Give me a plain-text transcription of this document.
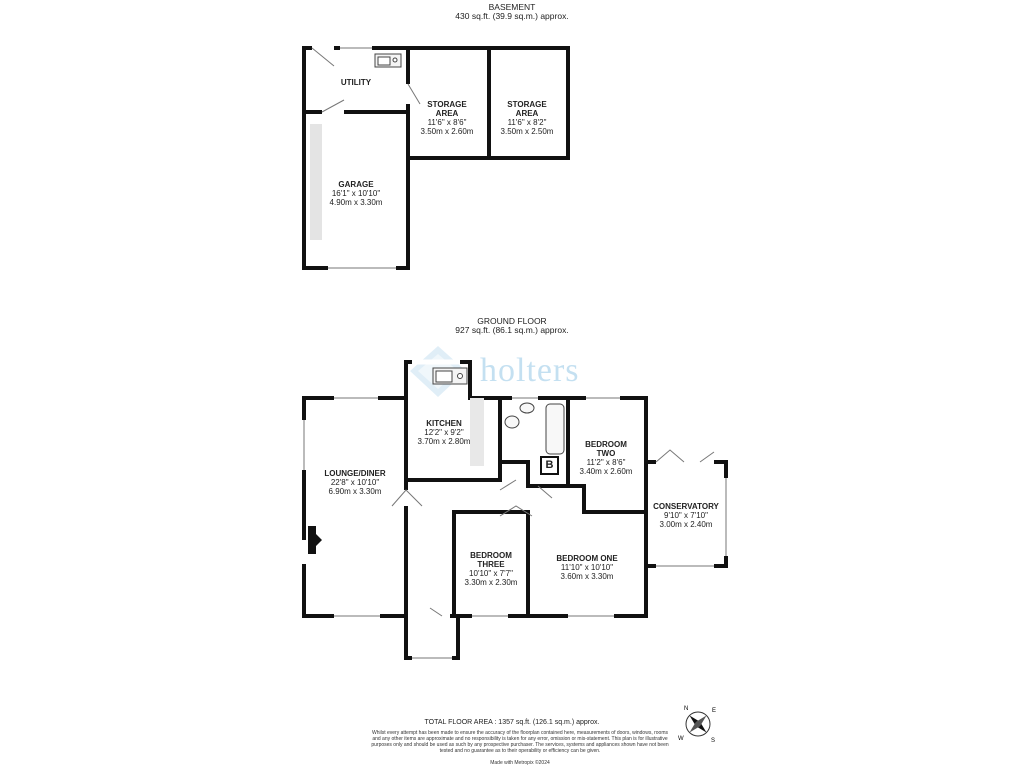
BASEMENT
430 sq.ft. (39.9 sq.m.) approx.
GROUND FLOOR
927 sq.ft. (86.1 sq.m.) approx.
holters
B
UTILITY
STORAGE
AREA
11'6" x 8'6"
3.50m x 2.60m
STORAGE
AREA
11'6" x 8'2"
3.50m x 2.50m
GARAGE
16'1" x 10'10"
4.90m x 3.30m
KITCHEN
12'2" x 9'2"
3.70m x 2.80m
LOUNGE/DINER
22'8" x 10'10"
6.90m x 3.30m
BEDROOM
TWO
11'2" x 8'6"
3.40m x 2.60m
CONSERVATORY
9'10" x 7'10"
3.00m x 2.40m
BEDROOM
THREE
10'10" x 7'7"
3.30m x 2.30m
BEDROOM ONE
11'10" x 10'10"
3.60m x 3.30m
TOTAL FLOOR AREA : 1357 sq.ft. (126.1 sq.m.) approx.
Whilst every attempt has been made to ensure the accuracy of the floorplan contained here, measurements of doors, windows, rooms and any other items are approximate and no responsibility is taken for any error, omission or mis-statement. This plan is for illustrative purposes only and should be used as such by any prospective purchaser. The services, systems and appliances shown have not been tested and no guarantee as to their operability or efficiency can be given.
Made with Metropix ©2024
N
S
E
W
